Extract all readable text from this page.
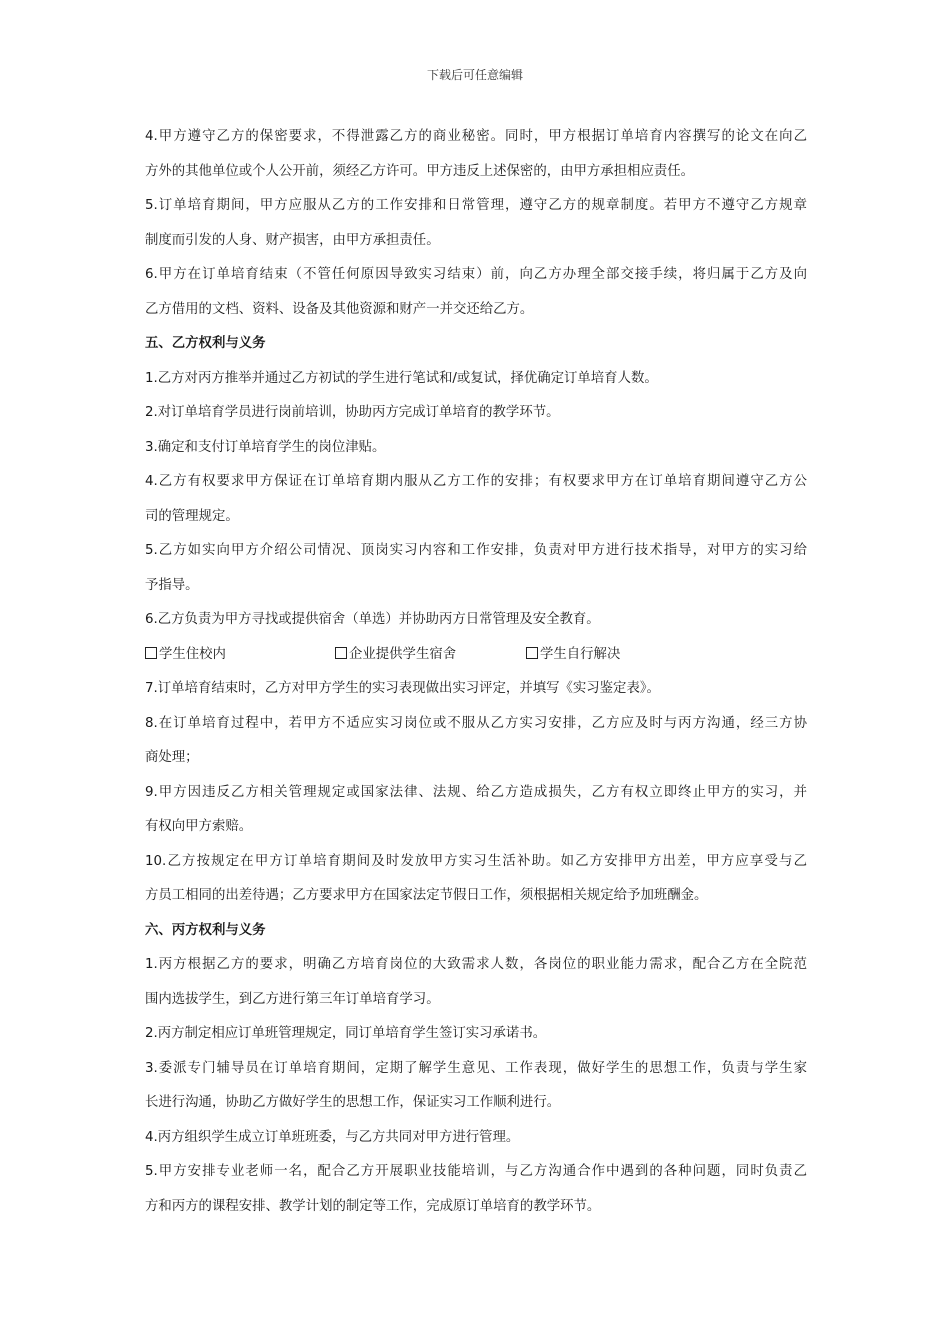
下载后可任意编辑
4.甲方遵守乙方的保密要求，不得泄露乙方的商业秘密。同时，甲方根据订单培育内容撰写的论文在向乙
方外的其他单位或个人公开前，须经乙方许可。甲方违反上述保密的，由甲方承担相应责任。
5.订单培育期间，甲方应服从乙方的工作安排和日常管理，遵守乙方的规章制度。若甲方不遵守乙方规章
制度而引发的人身、财产损害，由甲方承担责任。
6.甲方在订单培育结束（不管任何原因导致实习结束）前，向乙方办理全部交接手续，将归属于乙方及向
乙方借用的文档、资料、设备及其他资源和财产一并交还给乙方。
五、乙方权利与义务
1.乙方对丙方推举并通过乙方初试的学生进行笔试和/或复试，择优确定订单培育人数。
2.对订单培育学员进行岗前培训，协助丙方完成订单培育的教学环节。
3.确定和支付订单培育学生的岗位津贴。
4.乙方有权要求甲方保证在订单培育期内服从乙方工作的安排；有权要求甲方在订单培育期间遵守乙方公
司的管理规定。
5.乙方如实向甲方介绍公司情况、顶岗实习内容和工作安排，负责对甲方进行技术指导，对甲方的实习给
予指导。
6.乙方负责为甲方寻找或提供宿舍（单选）并协助丙方日常管理及安全教育。
学生住校内	企业提供学生宿舍	学生自行解决
7.订单培育结束时，乙方对甲方学生的实习表现做出实习评定，并填写《实习鉴定表》。
8.在订单培育过程中，若甲方不适应实习岗位或不服从乙方实习安排，乙方应及时与丙方沟通，经三方协
商处理；
9.甲方因违反乙方相关管理规定或国家法律、法规、给乙方造成损失，乙方有权立即终止甲方的实习，并
有权向甲方索赔。
10.乙方按规定在甲方订单培育期间及时发放甲方实习生活补助。如乙方安排甲方出差，甲方应享受与乙
方员工相同的出差待遇；乙方要求甲方在国家法定节假日工作，须根据相关规定给予加班酬金。
六、丙方权利与义务
1.丙方根据乙方的要求，明确乙方培育岗位的大致需求人数，各岗位的职业能力需求，配合乙方在全院范
围内选拔学生，到乙方进行第三年订单培育学习。
2.丙方制定相应订单班管理规定，同订单培育学生签订实习承诺书。
3.委派专门辅导员在订单培育期间，定期了解学生意见、工作表现，做好学生的思想工作，负责与学生家
长进行沟通，协助乙方做好学生的思想工作，保证实习工作顺利进行。
4.丙方组织学生成立订单班班委，与乙方共同对甲方进行管理。
5.甲方安排专业老师一名，配合乙方开展职业技能培训，与乙方沟通合作中遇到的各种问题，同时负责乙
方和丙方的课程安排、教学计划的制定等工作，完成原订单培育的教学环节。
